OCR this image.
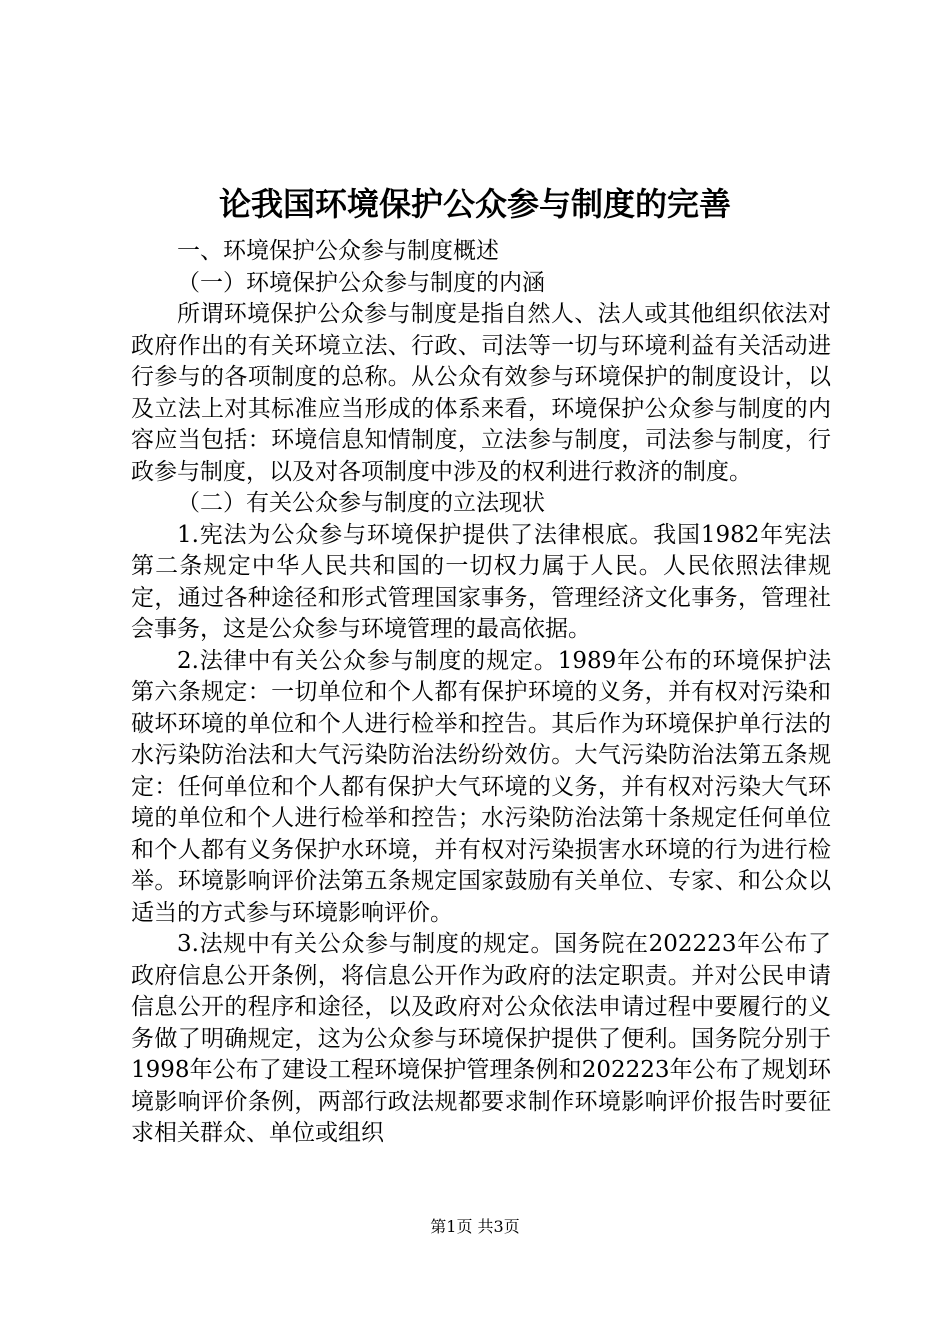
论我国环境保护公众参与制度的完善

一、环境保护公众参与制度概述

（一）环境保护公众参与制度的内涵

所谓环境保护公众参与制度是指自然人、法人或其他组织依法对政府作出的有关环境立法、行政、司法等一切与环境利益有关活动进行参与的各项制度的总称。从公众有效参与环境保护的制度设计，以及立法上对其标准应当形成的体系来看，环境保护公众参与制度的内容应当包括：环境信息知情制度，立法参与制度，司法参与制度，行政参与制度，以及对各项制度中涉及的权利进行救济的制度。

（二）有关公众参与制度的立法现状

1.宪法为公众参与环境保护提供了法律根底。我国1982年宪法第二条规定中华人民共和国的一切权力属于人民。人民依照法律规定，通过各种途径和形式管理国家事务，管理经济文化事务，管理社会事务，这是公众参与环境管理的最高依据。

2.法律中有关公众参与制度的规定。1989年公布的环境保护法第六条规定：一切单位和个人都有保护环境的义务，并有权对污染和破坏环境的单位和个人进行检举和控告。其后作为环境保护单行法的水污染防治法和大气污染防治法纷纷效仿。大气污染防治法第五条规定：任何单位和个人都有保护大气环境的义务，并有权对污染大气环境的单位和个人进行检举和控告；水污染防治法第十条规定任何单位和个人都有义务保护水环境，并有权对污染损害水环境的行为进行检举。环境影响评价法第五条规定国家鼓励有关单位、专家、和公众以适当的方式参与环境影响评价。

3.法规中有关公众参与制度的规定。国务院在202223年公布了政府信息公开条例，将信息公开作为政府的法定职责。并对公民申请信息公开的程序和途径，以及政府对公众依法申请过程中要履行的义务做了明确规定，这为公众参与环境保护提供了便利。国务院分别于1998年公布了建设工程环境保护管理条例和202223年公布了规划环境影响评价条例，两部行政法规都要求制作环境影响评价报告时要征求相关群众、单位或组织

第1页 共3页
